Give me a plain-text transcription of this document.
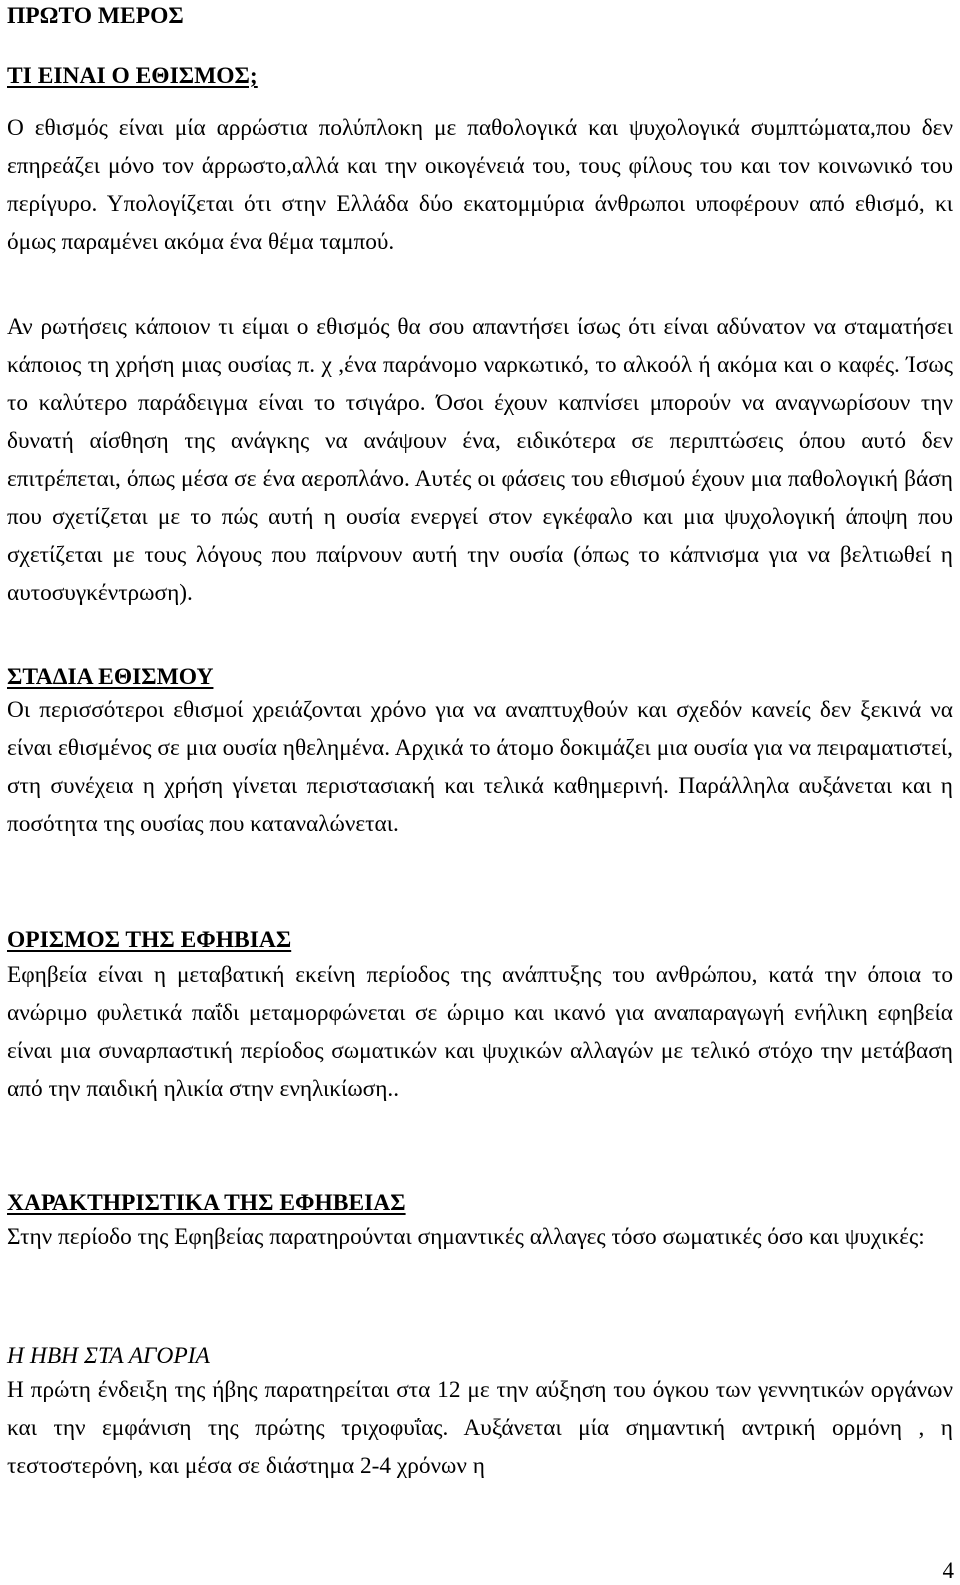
ΠΡΩΤΟ ΜΕΡΟΣ
ΤΙ ΕΙΝΑΙ Ο ΕΘΙΣΜΟΣ;

Ο εθισμός είναι μία αρρώστια πολύπλοκη με παθολογικά και ψυχολογικά συμπτώματα,που δεν επηρεάζει μόνο τον άρρωστο,αλλά και την οικογένειά του, τους φίλους του και τον κοινωνικό του περίγυρο. Υπολογίζεται ότι στην Ελλάδα δύο εκατομμύρια άνθρωποι υποφέρουν από εθισμό, κι όμως παραμένει ακόμα ένα θέμα ταμπού.

Αν ρωτήσεις κάποιον τι είμαι ο εθισμός θα σου απαντήσει ίσως ότι είναι αδύνατον να σταματήσει κάποιος τη χρήση μιας ουσίας π. χ ,ένα παράνομο ναρκωτικό, το αλκοόλ ή ακόμα και ο καφές. Ίσως το καλύτερο παράδειγμα είναι το τσιγάρο. Όσοι έχουν καπνίσει μπορούν να αναγνωρίσουν την δυνατή αίσθηση της ανάγκης να ανάψουν ένα, ειδικότερα σε περιπτώσεις όπου αυτό δεν επιτρέπεται, όπως μέσα σε ένα αεροπλάνο. Αυτές οι φάσεις του εθισμού έχουν μια παθολογική βάση που σχετίζεται με το πώς αυτή η ουσία ενεργεί στον εγκέφαλο και μια ψυχολογική άποψη που σχετίζεται με τους λόγους που παίρνουν αυτή την ουσία (όπως το κάπνισμα για να βελτιωθεί η αυτοσυγκέντρωση).

ΣΤΑΔΙΑ ΕΘΙΣΜΟΥ

Οι περισσότεροι εθισμοί χρειάζονται χρόνο για να αναπτυχθούν και σχεδόν κανείς δεν ξεκινά να είναι εθισμένος σε μια ουσία ηθελημένα. Αρχικά το άτομο δοκιμάζει μια ουσία για να πειραματιστεί, στη συνέχεια η χρήση γίνεται περιστασιακή και τελικά καθημερινή. Παράλληλα αυξάνεται και η ποσότητα της ουσίας που καταναλώνεται.

ΟΡΙΣΜΟΣ ΤΗΣ ΕΦΗΒΙΑΣ

Εφηβεία είναι η μεταβατική εκείνη περίοδος της ανάπτυξης του ανθρώπου, κατά την όποια το ανώριμο φυλετικά παΐδι μεταμορφώνεται σε ώριμο και ικανό για αναπαραγωγή ενήλικη εφηβεία είναι μια συναρπαστική περίοδος σωματικών και ψυχικών αλλαγών με τελικό στόχο την μετάβαση από την παιδική ηλικία στην ενηλικίωση..

ΧΑΡΑΚΤΗΡΙΣΤΙΚΑ ΤΗΣ ΕΦΗΒΕΙΑΣ

Στην περίοδο της Εφηβείας παρατηρούνται σημαντικές αλλαγες τόσο σωματικές όσο και ψυχικές:

Η ΗΒΗ ΣΤΑ ΑΓΟΡΙΑ

Η πρώτη ένδειξη της ήβης παρατηρείται στα 12 με την αύξηση του όγκου των γεννητικών οργάνων και την εμφάνιση της πρώτης τριχοφυΐας. Αυξάνεται μία σημαντική αντρική ορμόνη , η τεστοστερόνη, και μέσα σε διάστημα 2-4 χρόνων η

4
